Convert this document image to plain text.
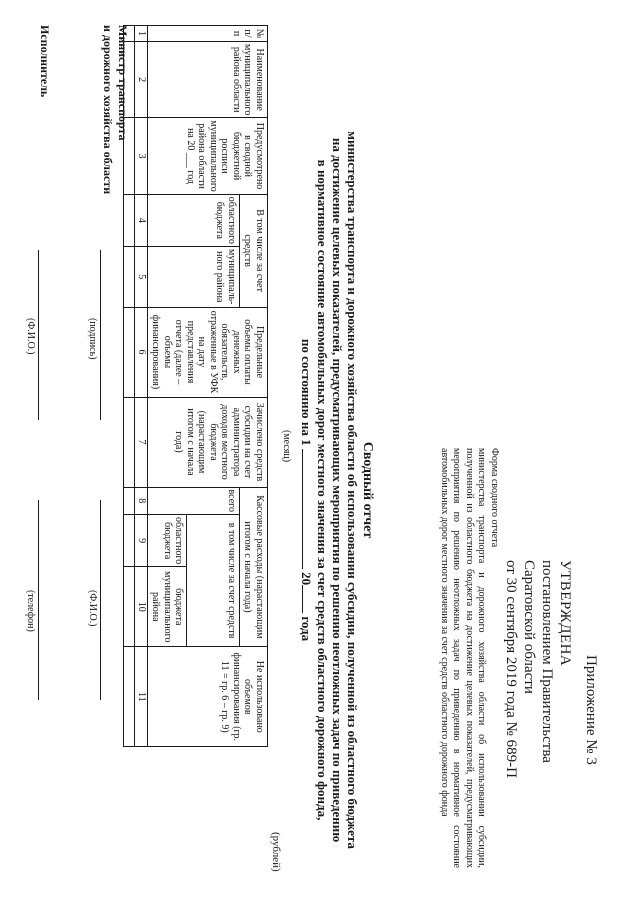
Приложение № 3
УТВЕРЖДЕНА
постановлением Правительства
Саратовской области
от 30 сентября 2019 года № 689-П
Форма сводного отчета
министерства транспорта и дорожного хозяйства области об использовании субсидии, полученной из областного бюджета на достижение целевых показателей, предусматривающих мероприятия по решению неотложных задач по приведению в нормативное состояние автомобильных дорог местного значения за счет средств областного дорожного фонда
Сводный отчет
министерства транспорта и дорожного хозяйства области об использовании субсидии, полученной из областного бюджета
на достижение целевых показателей, предусматривающих мероприятия по решению неотложных задач по приведению
в нормативное состояние автомобильных дорог местного значения за счет средств областного дорожного фонда,
по состоянию на 1  20 года
(месяц)
(рублей)
№ п/п	Наименование муниципального района области	Предусмотрено в сводной бюджетной росписи муниципального района области на 20 ___ год	В том числе за счет средств		Предельные объемы оплаты денежных обязательств, отраженные в УФК на дату представления отчета (далее – объемы финансирования)	Зачислено средств субсидии на счет администратора доходов местного бюджета (нарастающим итогом с начала года)	Кассовые расходы (нарастающим итогом с начала года)			Не использовано объемов финансирования (гр. 11 = гр. 6 – гр. 9)
			областного бюджета	муниципаль-ного района			всего	в том числе за счет средств		
								областного бюджета	бюджета муниципального района	
1	2	3	4	5	6	7	8	9	10	11

Министр транспорта
и дорожного хозяйства области
(подпись)
(Ф.И.О.)
Исполнитель
(Ф.И.О.)
(телефон)
